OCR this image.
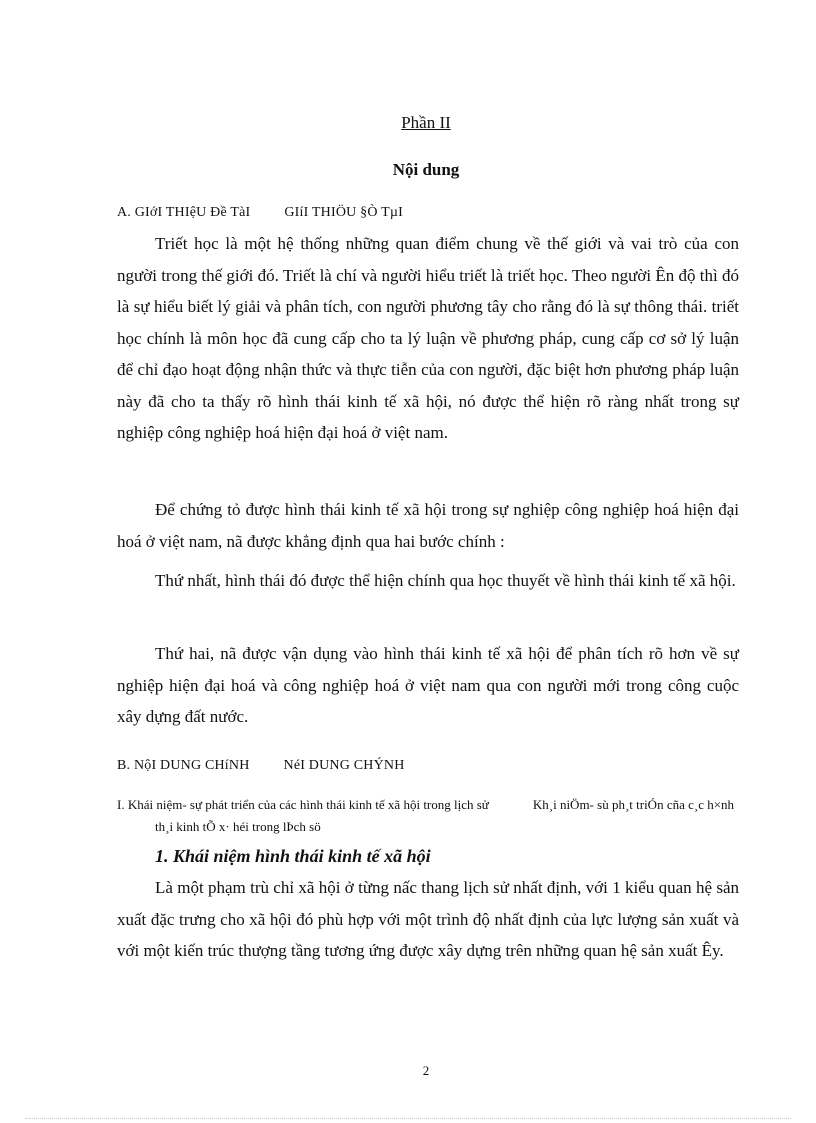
Phần II
Nội dung
A. GIớI THIệU Đề TàI GIíI THIÖU §Ò TµI

Triết học là một hệ thống những quan điểm chung về thế giới và vai trò của con người trong thế giới đó. Triết là chí và người hiểu triết là triết học. Theo người Ên độ thì đó là sự hiểu biết lý giải và phân tích, con người phương tây cho rằng đó là sự thông thái. triết học chính là môn học đã cung cấp cho ta lý luận về phương pháp, cung cấp cơ sở lý luận để chỉ đạo hoạt động nhận thức và thực tiễn của con người, đặc biệt hơn phương pháp luận này đã cho ta thấy rõ hình thái kinh tế xã hội, nó được thể hiện rõ ràng nhất trong sự nghiệp công nghiệp hoá hiện đại hoá ở việt nam.

Để chứng tỏ được hình thái kinh tế xã hội trong sự nghiệp công nghiệp hoá hiện đại hoá ở việt nam, nã được khẳng định qua hai bước chính :

Thứ nhất, hình thái đó được thể hiện chính qua học thuyết về hình thái kinh tế xã hội.

Thứ hai, nã được vận dụng vào hình thái kinh tế xã hội để phân tích rõ hơn về sự nghiệp hiện đại hoá và công nghiệp hoá ở việt nam qua con người mới trong công cuộc xây dựng đất nước.

B. NộI DUNG CHíNH NéI DUNG CHÝNH
I. Khái niệm- sự phát triển của các hình thái kinh tế xã hội trong lịch sử	Kh¸i niÖm- sù ph¸t triÓn cña c¸c h×nh th¸i kinh tÕ x· héi trong lÞch sö
1. Khái niệm hình thái kinh tế xã hội

Là một phạm trù chỉ xã hội ở từng nấc thang lịch sử nhất định, với 1 kiểu quan hệ sản xuất đặc trưng cho xã hội đó phù hợp với một trình độ nhất định của lực lượng sản xuất và với một kiến trúc thượng tầng tương ứng được xây dựng trên những quan hệ sản xuất Êy.

2
